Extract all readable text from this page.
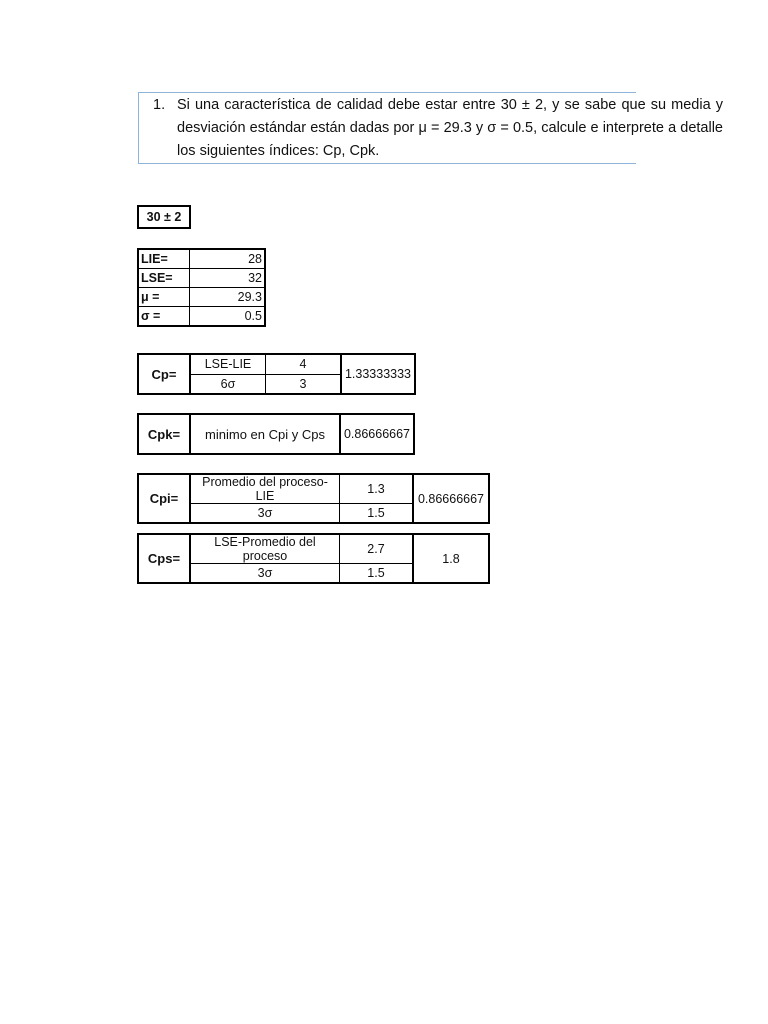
1. Si una característica de calidad debe estar entre 30 ± 2, y se sabe que su media y desviación estándar están dadas por μ = 29.3 y σ = 0.5, calcule e interprete a detalle los siguientes índices: Cp, Cpk.
30 ± 2
LIE=	28
LSE=	32
μ =	29.3
σ =	0.5
Cp=	LSE-LIE	4	1.33333333
	6σ	3	
Cpk=	minimo en Cpi y Cps	0.86666667
Cpi=	Promedio del proceso-LIE	1.3	0.86666667
	3σ	1.5	
Cps=	LSE-Promedio del proceso	2.7	1.8
	3σ	1.5	
